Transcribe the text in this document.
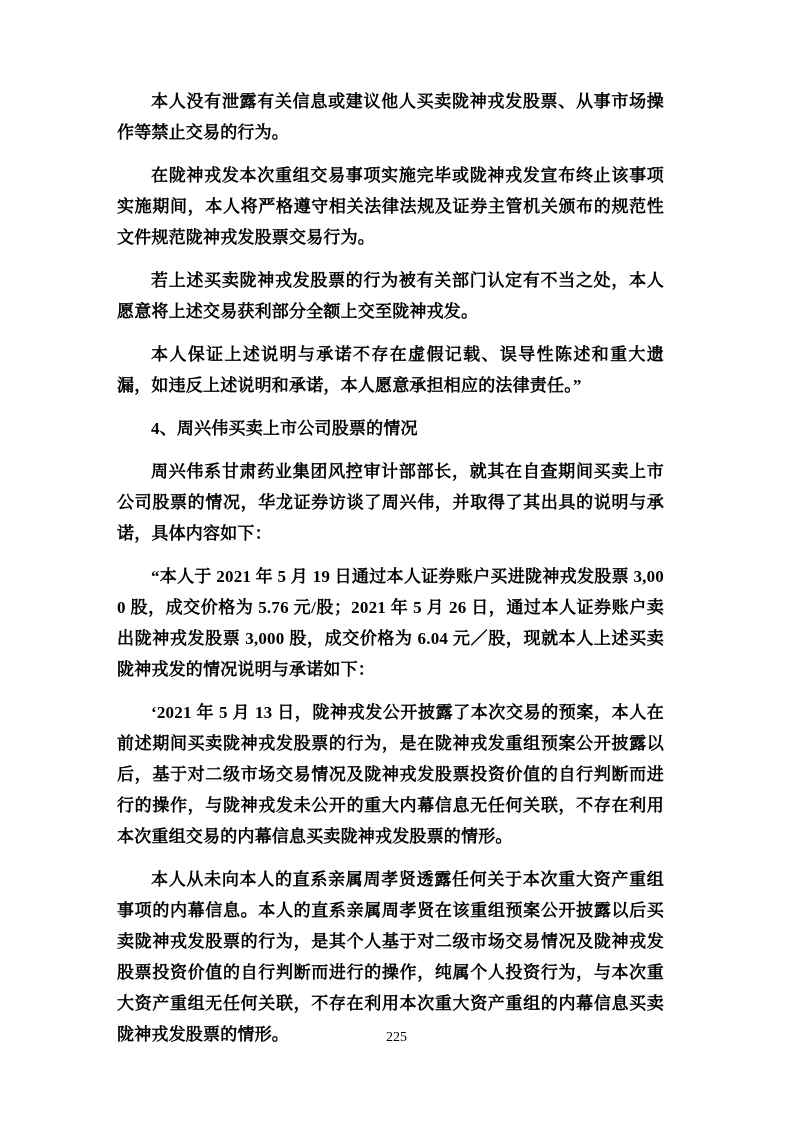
本人没有泄露有关信息或建议他人买卖陇神戎发股票、从事市场操作等禁止交易的行为。

在陇神戎发本次重组交易事项实施完毕或陇神戎发宣布终止该事项实施期间，本人将严格遵守相关法律法规及证券主管机关颁布的规范性文件规范陇神戎发股票交易行为。

若上述买卖陇神戎发股票的行为被有关部门认定有不当之处，本人愿意将上述交易获利部分全额上交至陇神戎发。

本人保证上述说明与承诺不存在虚假记载、误导性陈述和重大遗漏，如违反上述说明和承诺，本人愿意承担相应的法律责任。”

4、周兴伟买卖上市公司股票的情况

周兴伟系甘肃药业集团风控审计部部长，就其在自查期间买卖上市公司股票的情况，华龙证券访谈了周兴伟，并取得了其出具的说明与承诺，具体内容如下：

“本人于 2021 年 5 月 19 日通过本人证券账户买进陇神戎发股票 3,000 股，成交价格为 5.76 元/股；2021 年 5 月 26 日，通过本人证券账户卖出陇神戎发股票 3,000 股，成交价格为 6.04 元／股，现就本人上述买卖陇神戎发的情况说明与承诺如下：

‘2021 年 5 月 13 日，陇神戎发公开披露了本次交易的预案，本人在前述期间买卖陇神戎发股票的行为，是在陇神戎发重组预案公开披露以后，基于对二级市场交易情况及陇神戎发股票投资价值的自行判断而进行的操作，与陇神戎发未公开的重大内幕信息无任何关联，不存在利用本次重组交易的内幕信息买卖陇神戎发股票的情形。

本人从未向本人的直系亲属周孝贤透露任何关于本次重大资产重组事项的内幕信息。本人的直系亲属周孝贤在该重组预案公开披露以后买卖陇神戎发股票的行为，是其个人基于对二级市场交易情况及陇神戎发股票投资价值的自行判断而进行的操作，纯属个人投资行为，与本次重大资产重组无任何关联，不存在利用本次重大资产重组的内幕信息买卖陇神戎发股票的情形。	225
